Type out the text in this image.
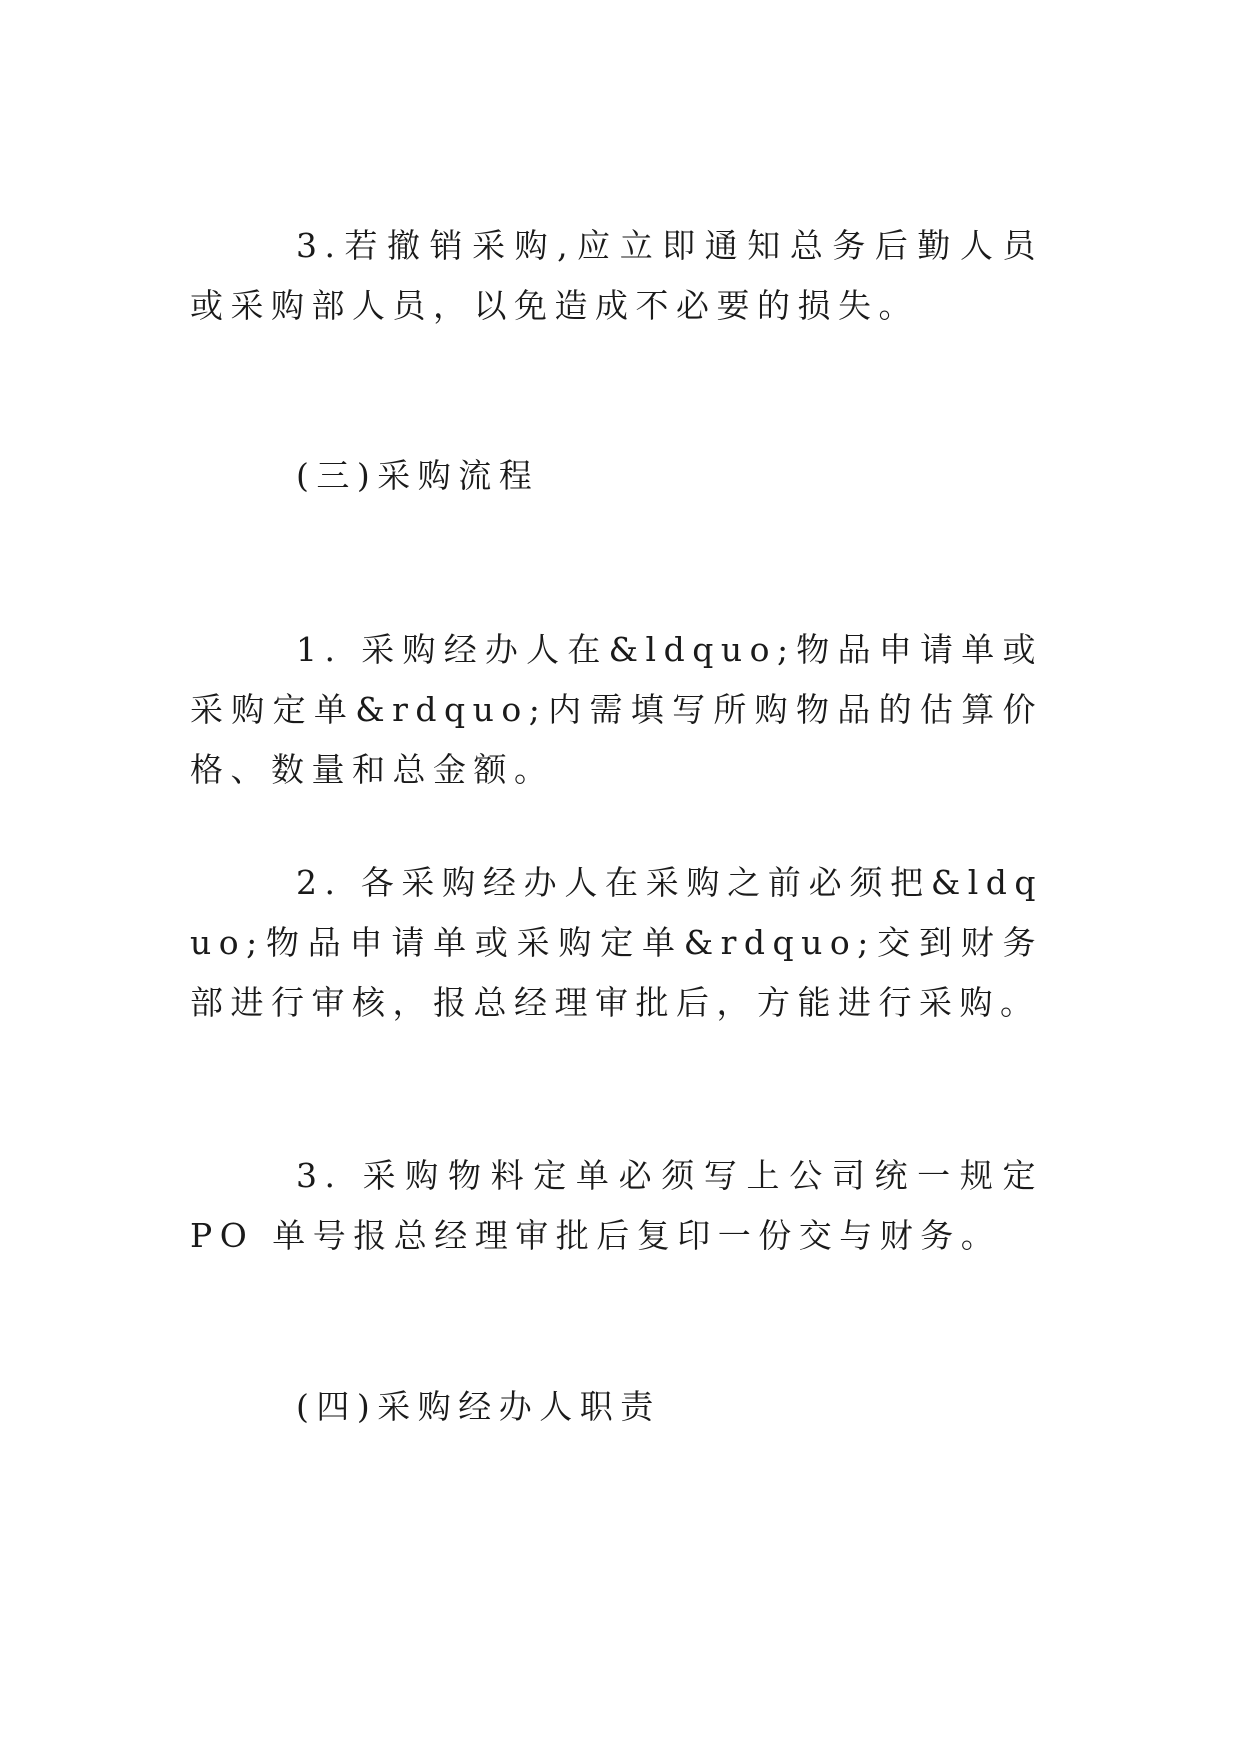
3.若撤销采购,应立即通知总务后勤人员或采购部人员，以免造成不必要的损失。

(三)采购流程

1. 采购经办人在&ldquo;物品申请单或采购定单&rdquo;内需填写所购物品的估算价格、数量和总金额。

2. 各采购经办人在采购之前必须把&ldquo;物品申请单或采购定单&rdquo;交到财务部进行审核，报总经理审批后，方能进行采购。

3. 采购物料定单必须写上公司统一规定 PO 单号报总经理审批后复印一份交与财务。

(四)采购经办人职责
